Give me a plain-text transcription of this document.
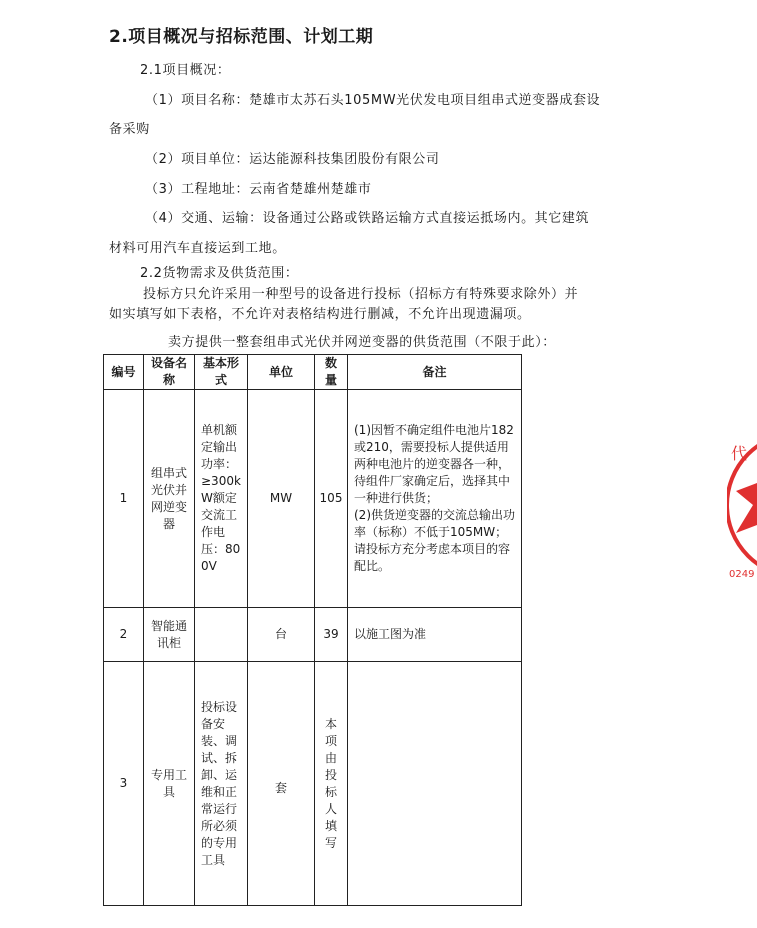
2.项目概况与招标范围、计划工期
2.1项目概况：
（1）项目名称：楚雄市太苏石头105MW光伏发电项目组串式逆变器成套设
备采购
（2）项目单位：运达能源科技集团股份有限公司
（3）工程地址：云南省楚雄州楚雄市
（4）交通、运输：设备通过公路或铁路运输方式直接运抵场内。其它建筑
材料可用汽车直接运到工地。
2.2货物需求及供货范围：
投标方只允许采用一种型号的设备进行投标（招标方有特殊要求除外）并
如实填写如下表格，不允许对表格结构进行删减，不允许出现遗漏项。
卖方提供一整套组串式光伏并网逆变器的供货范围（不限于此）：
编号	设备名称	基本形式	单位	数量	备注
1	组串式光伏并网逆变器	单机额定输出功率：≥300kW额定交流工作电压：800V	MW	105	(1)因暂不确定组件电池片182或210，需要投标人提供适用两种电池片的逆变器各一种，待组件厂家确定后，选择其中一种进行供货；
(2)供货逆变器的交流总输出功率（标称）不低于105MW；请投标方充分考虑本项目的容配比。

2	智能通讯柜		台	39	以施工图为准
3	专用工具	投标设备安装、调试、拆卸、运维和正常运行所必须的专用工具	套	本项由投标人填写	
代
0249
